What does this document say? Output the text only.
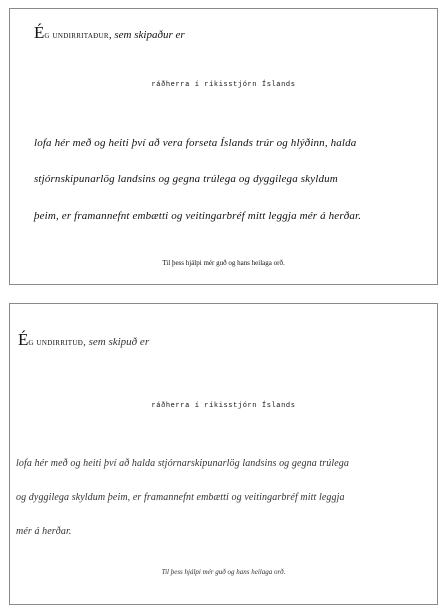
Ég undirritaður, sem skipaður er

ráðherra í ríkisstjórn Íslands

lofa hér með og heiti því að vera forseta Íslands trúr og hlýðinn, halda

stjórnskipunarlög landsins og gegna trúlega og dyggilega skyldum

þeim, er framannefnt embætti og veitingarbréf mitt leggja mér á herðar.

Til þess hjálpi mér guð og hans heilaga orð.

Ég undirrituð, sem skipuð er

ráðherra í ríkisstjórn Íslands

lofa hér með og heiti því að halda stjórnarskipunarlög landsins og gegna trúlega

og dyggilega skyldum þeim, er framannefnt embætti og veitingarbréf mitt leggja

mér á herðar.

Til þess hjálpi mér guð og hans heilaga orð.
